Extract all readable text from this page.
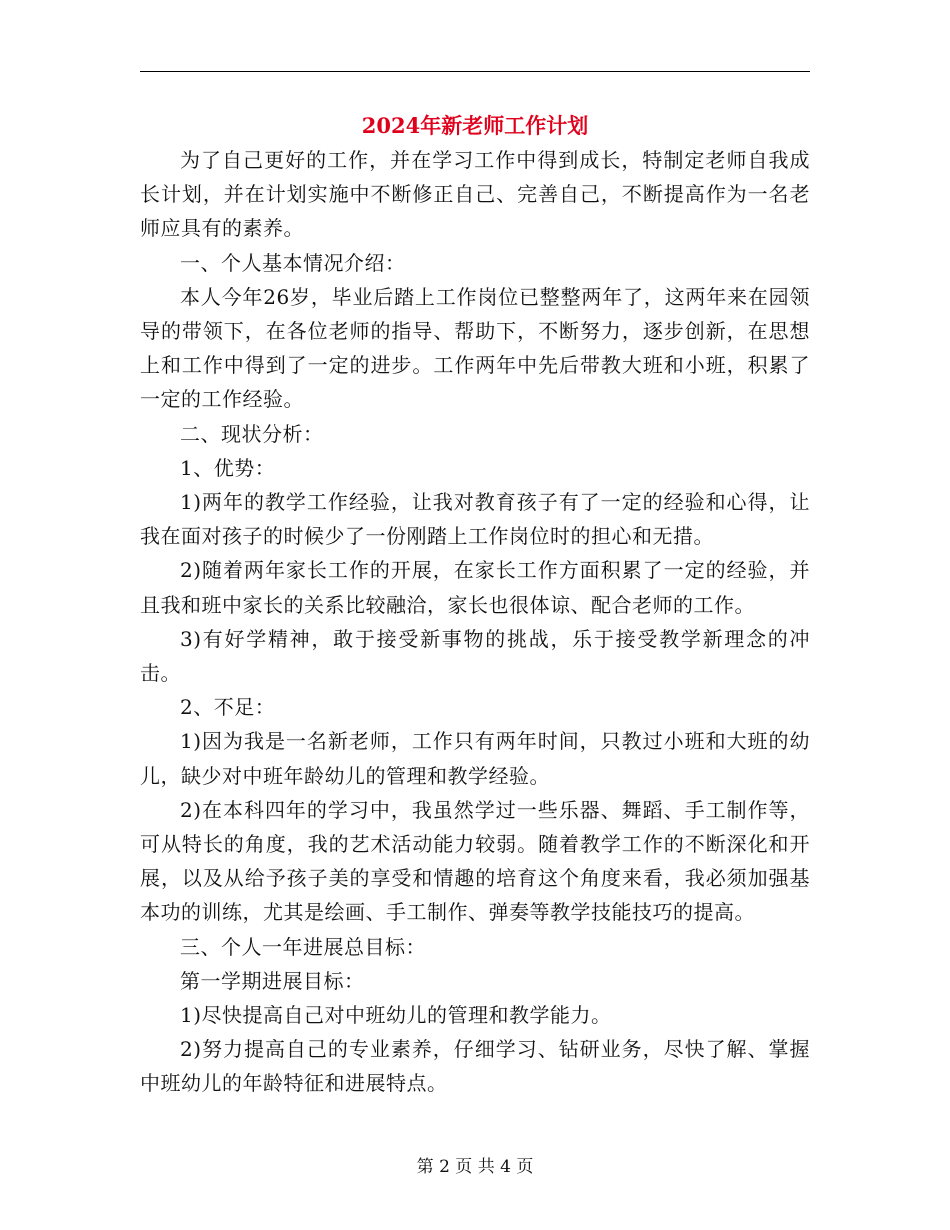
2024年新老师工作计划

为了自己更好的工作，并在学习工作中得到成长，特制定老师自我成长计划，并在计划实施中不断修正自己、完善自己，不断提高作为一名老师应具有的素养。

一、个人基本情况介绍：

本人今年26岁，毕业后踏上工作岗位已整整两年了，这两年来在园领导的带领下，在各位老师的指导、帮助下，不断努力，逐步创新，在思想上和工作中得到了一定的进步。工作两年中先后带教大班和小班，积累了一定的工作经验。

二、现状分析：

1、优势：

1)两年的教学工作经验，让我对教育孩子有了一定的经验和心得，让我在面对孩子的时候少了一份刚踏上工作岗位时的担心和无措。

2)随着两年家长工作的开展，在家长工作方面积累了一定的经验，并且我和班中家长的关系比较融洽，家长也很体谅、配合老师的工作。

3)有好学精神，敢于接受新事物的挑战，乐于接受教学新理念的冲击。

2、不足：

1)因为我是一名新老师，工作只有两年时间，只教过小班和大班的幼儿，缺少对中班年龄幼儿的管理和教学经验。

2)在本科四年的学习中，我虽然学过一些乐器、舞蹈、手工制作等，可从特长的角度，我的艺术活动能力较弱。随着教学工作的不断深化和开展，以及从给予孩子美的享受和情趣的培育这个角度来看，我必须加强基本功的训练，尤其是绘画、手工制作、弹奏等教学技能技巧的提高。

三、个人一年进展总目标：

第一学期进展目标：

1)尽快提高自己对中班幼儿的管理和教学能力。

2)努力提高自己的专业素养，仔细学习、钻研业务，尽快了解、掌握中班幼儿的年龄特征和进展特点。

第 2 页 共 4 页
